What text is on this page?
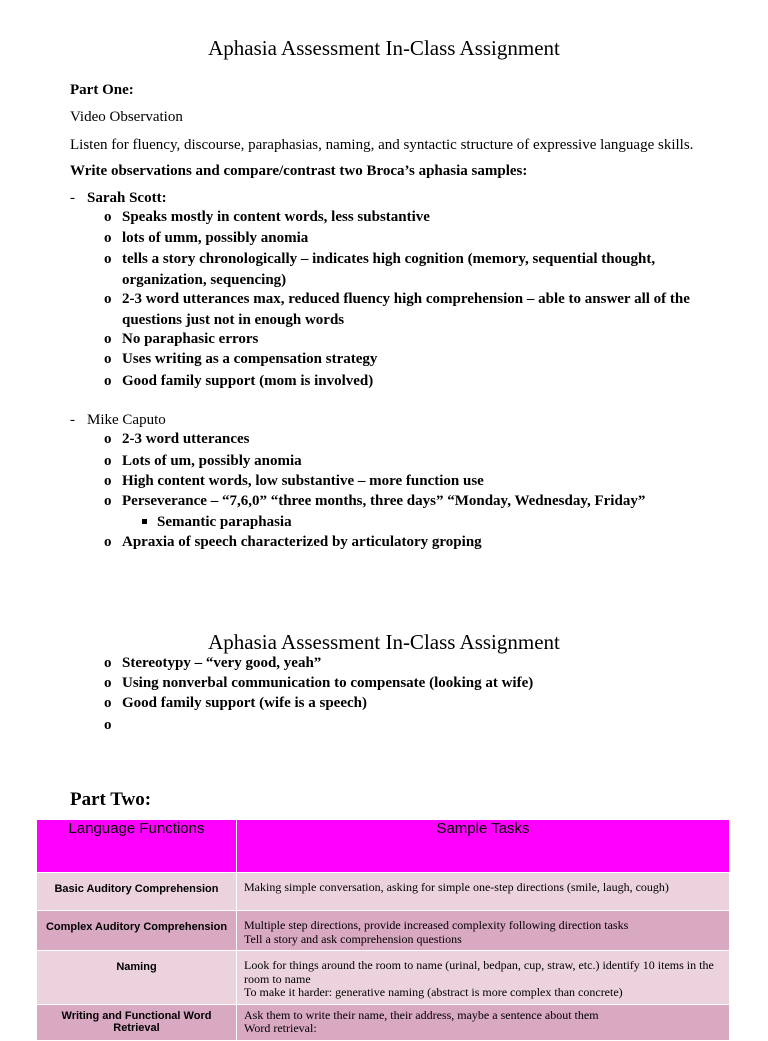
Aphasia Assessment In-Class Assignment

Part One:

Video Observation

Listen for fluency, discourse, paraphasias, naming, and syntactic structure of expressive language skills.

Write observations and compare/contrast two Broca’s aphasia samples:

- Sarah Scott:
o Speaks mostly in content words, less substantive
o lots of umm, possibly anomia
o tells a story chronologically – indicates high cognition (memory, sequential thought, organization, sequencing)
o 2-3 word utterances max, reduced fluency high comprehension – able to answer all of the questions just not in enough words
o No paraphasic errors
o Uses writing as a compensation strategy
o Good family support (mom is involved)
- Mike Caputo
o 2-3 word utterances
o Lots of um, possibly anomia
o High content words, low substantive – more function use
o Perseverance – “7,6,0” “three months, three days” “Monday, Wednesday, Friday”
Semantic paraphasia
o Apraxia of speech characterized by articulatory groping
Aphasia Assessment In-Class Assignment
o Stereotypy – “very good, yeah”
o Using nonverbal communication to compensate (looking at wife)
o Good family support (wife is a speech)
o

Part Two:

Language Functions	Sample Tasks
Basic Auditory Comprehension	Making simple conversation, asking for simple one-step directions (smile, laugh, cough)

Complex Auditory Comprehension	Multiple step directions, provide increased complexity following direction tasks
Tell a story and ask comprehension questions

Naming	Look for things around the room to name (urinal, bedpan, cup, straw, etc.) identify 10 items in the room to name
To make it harder: generative naming (abstract is more complex than concrete)

Writing and Functional Word Retrieval	Ask them to write their name, their address, maybe a sentence about them
Word retrieval:
